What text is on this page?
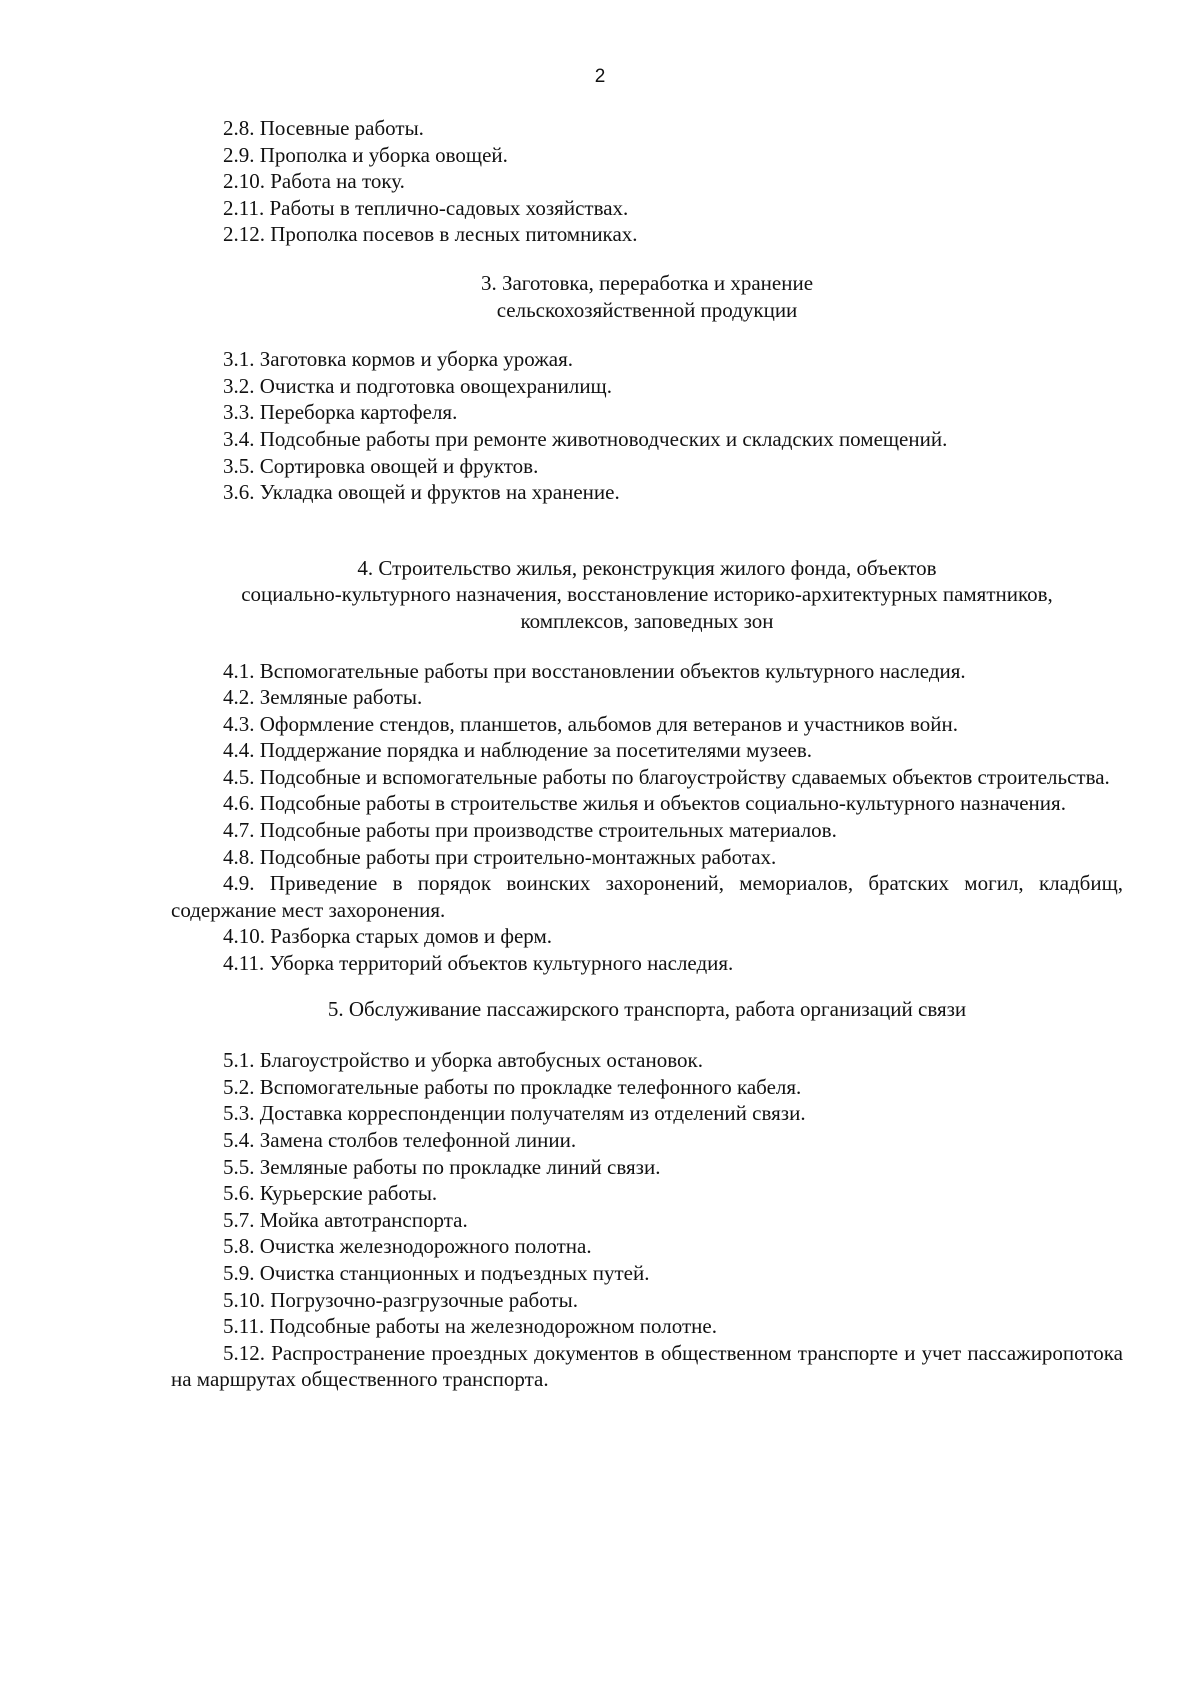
2

2.8. Посевные работы.

2.9. Прополка и уборка овощей.

2.10. Работа на току.

2.11. Работы в теплично-садовых хозяйствах.

2.12. Прополка посевов в лесных питомниках.

3. Заготовка, переработка и хранение
сельскохозяйственной продукции

3.1. Заготовка кормов и уборка урожая.

3.2. Очистка и подготовка овощехранилищ.

3.3. Переборка картофеля.

3.4. Подсобные работы при ремонте животноводческих и складских помещений.

3.5. Сортировка овощей и фруктов.

3.6. Укладка овощей и фруктов на хранение.

4. Строительство жилья, реконструкция жилого фонда, объектов
социально-культурного назначения, восстановление историко-архитектурных памятников,
комплексов, заповедных зон

4.1. Вспомогательные работы при восстановлении объектов культурного наследия.

4.2. Земляные работы.

4.3. Оформление стендов, планшетов, альбомов для ветеранов и участников войн.

4.4. Поддержание порядка и наблюдение за посетителями музеев.

4.5. Подсобные и вспомогательные работы по благоустройству сдаваемых объектов строительства.

4.6. Подсобные работы в строительстве жилья и объектов социально-культурного назначения.

4.7. Подсобные работы при производстве строительных материалов.

4.8. Подсобные работы при строительно-монтажных работах.

4.9. Приведение в порядок воинских захоронений, мемориалов, братских могил, кладбищ, содержание мест захоронения.

4.10. Разборка старых домов и ферм.

4.11. Уборка территорий объектов культурного наследия.

5. Обслуживание пассажирского транспорта, работа организаций связи

5.1. Благоустройство и уборка автобусных остановок.

5.2. Вспомогательные работы по прокладке телефонного кабеля.

5.3. Доставка корреспонденции получателям из отделений связи.

5.4. Замена столбов телефонной линии.

5.5. Земляные работы по прокладке линий связи.

5.6. Курьерские работы.

5.7. Мойка автотранспорта.

5.8. Очистка железнодорожного полотна.

5.9. Очистка станционных и подъездных путей.

5.10. Погрузочно-разгрузочные работы.

5.11. Подсобные работы на железнодорожном полотне.

5.12. Распространение проездных документов в общественном транспорте и учет пассажиропотока на маршрутах общественного транспорта.
